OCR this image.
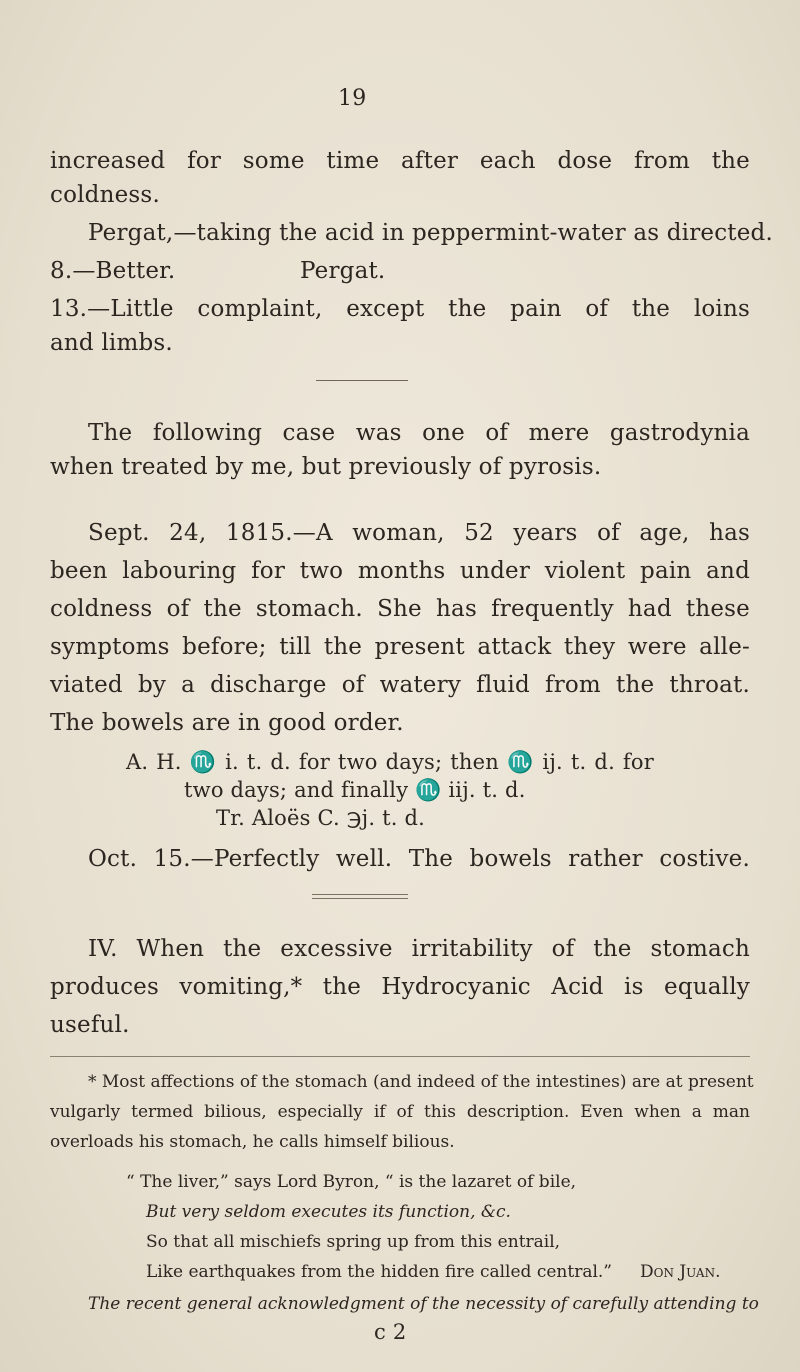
19
increased for some time after each dose from the
coldness.
Pergat,—taking the acid in peppermint-water as directed.
8.—Better.	Pergat.
13.—Little complaint, except the pain of the loins
and limbs.
The following case was one of mere gastrodynia
when treated by me, but previously of pyrosis.
Sept. 24, 1815.—A woman, 52 years of age, has
been labouring for two months under violent pain and
coldness of the stomach. She has frequently had these
symptoms before; till the present attack they were alle-
viated by a discharge of watery fluid from the throat.
The bowels are in good order.
A. H. ♏ i. t. d. for two days; then ♏ ij. t. d. for
two days; and finally ♏ iij. t. d.
Tr. Aloës C. ℈j. t. d.
Oct. 15.—Perfectly well. The bowels rather costive.
IV. When the excessive irritability of the stomach
produces vomiting,* the Hydrocyanic Acid is equally
useful.
* Most affections of the stomach (and indeed of the intestines) are at present
vulgarly termed bilious, especially if of this description. Even when a man
overloads his stomach, he calls himself bilious.
“ The liver,” says Lord Byron, “ is the lazaret of bile,
But very seldom executes its function, &c.
So that all mischiefs spring up from this entrail,
Like earthquakes from the hidden fire called central.” Don Juan.
The recent general acknowledgment of the necessity of carefully attending to
c 2
